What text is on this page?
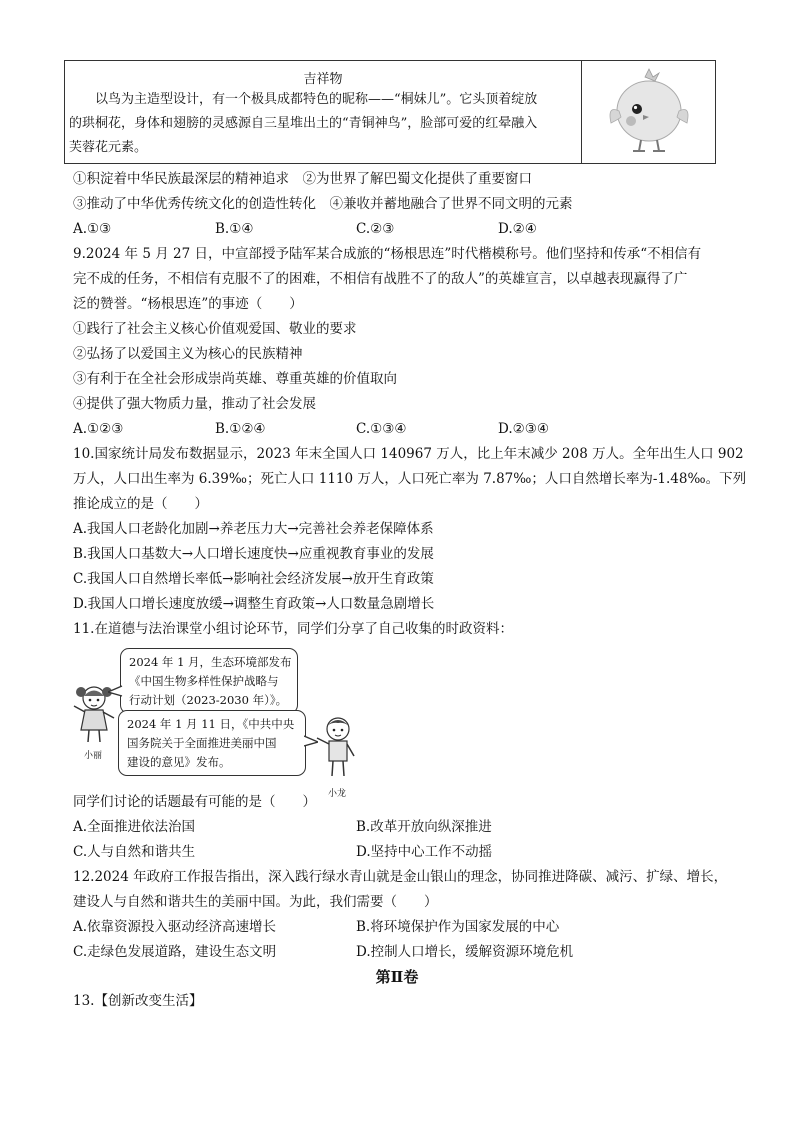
吉祥物

　　以鸟为主造型设计，有一个极具成都特色的昵称——“桐妹儿”。它头顶着绽放

的珙桐花，身体和翅膀的灵感源自三星堆出土的“青铜神鸟”，脸部可爱的红晕融入

芙蓉花元素。

①积淀着中华民族最深层的精神追求　②为世界了解巴蜀文化提供了重要窗口
③推动了中华优秀传统文化的创造性转化　④兼收并蓄地融合了世界不同文明的元素
A.①③	B.①④	C.②③	D.②④
9.2024 年 5 月 27 日，中宣部授予陆军某合成旅的“杨根思连”时代楷模称号。他们坚持和传承“不相信有
完不成的任务，不相信有克服不了的困难，不相信有战胜不了的敌人”的英雄宣言，以卓越表现赢得了广
泛的赞誉。“杨根思连”的事迹（　　）
①践行了社会主义核心价值观爱国、敬业的要求
②弘扬了以爱国主义为核心的民族精神
③有利于在全社会形成崇尚英雄、尊重英雄的价值取向
④提供了强大物质力量，推动了社会发展
A.①②③	B.①②④	C.①③④	D.②③④
10.国家统计局发布数据显示，2023 年末全国人口 140967 万人，比上年末减少 208 万人。全年出生人口 902
万人，人口出生率为 6.39‰；死亡人口 1110 万人，人口死亡率为 7.87‰；人口自然增长率为-1.48‰。下列
推论成立的是（　　）
A.我国人口老龄化加剧→养老压力大→完善社会养老保障体系
B.我国人口基数大→人口增长速度快→应重视教育事业的发展
C.我国人口自然增长率低→影响社会经济发展→放开生育政策
D.我国人口增长速度放缓→调整生育政策→人口数量急剧增长
11.在道德与法治课堂小组讨论环节，同学们分享了自己收集的时政资料：
小丽
2024 年 1 月，生态环境部发布
《中国生物多样性保护战略与
行动计划（2023-2030 年）》。
2024 年 1 月 11 日，《中共中央
国务院关于全面推进美丽中国
建设的意见》发布。
小龙
同学们讨论的话题最有可能的是（　　）
A.全面推进依法治国	B.改革开放向纵深推进
C.人与自然和谐共生	D.坚持中心工作不动摇
12.2024 年政府工作报告指出，深入践行绿水青山就是金山银山的理念，协同推进降碳、减污、扩绿、增长，
建设人与自然和谐共生的美丽中国。为此，我们需要（　　）
A.依靠资源投入驱动经济高速增长	B.将环境保护作为国家发展的中心
C.走绿色发展道路，建设生态文明	D.控制人口增长，缓解资源环境危机
第Ⅱ卷
13.【创新改变生活】
